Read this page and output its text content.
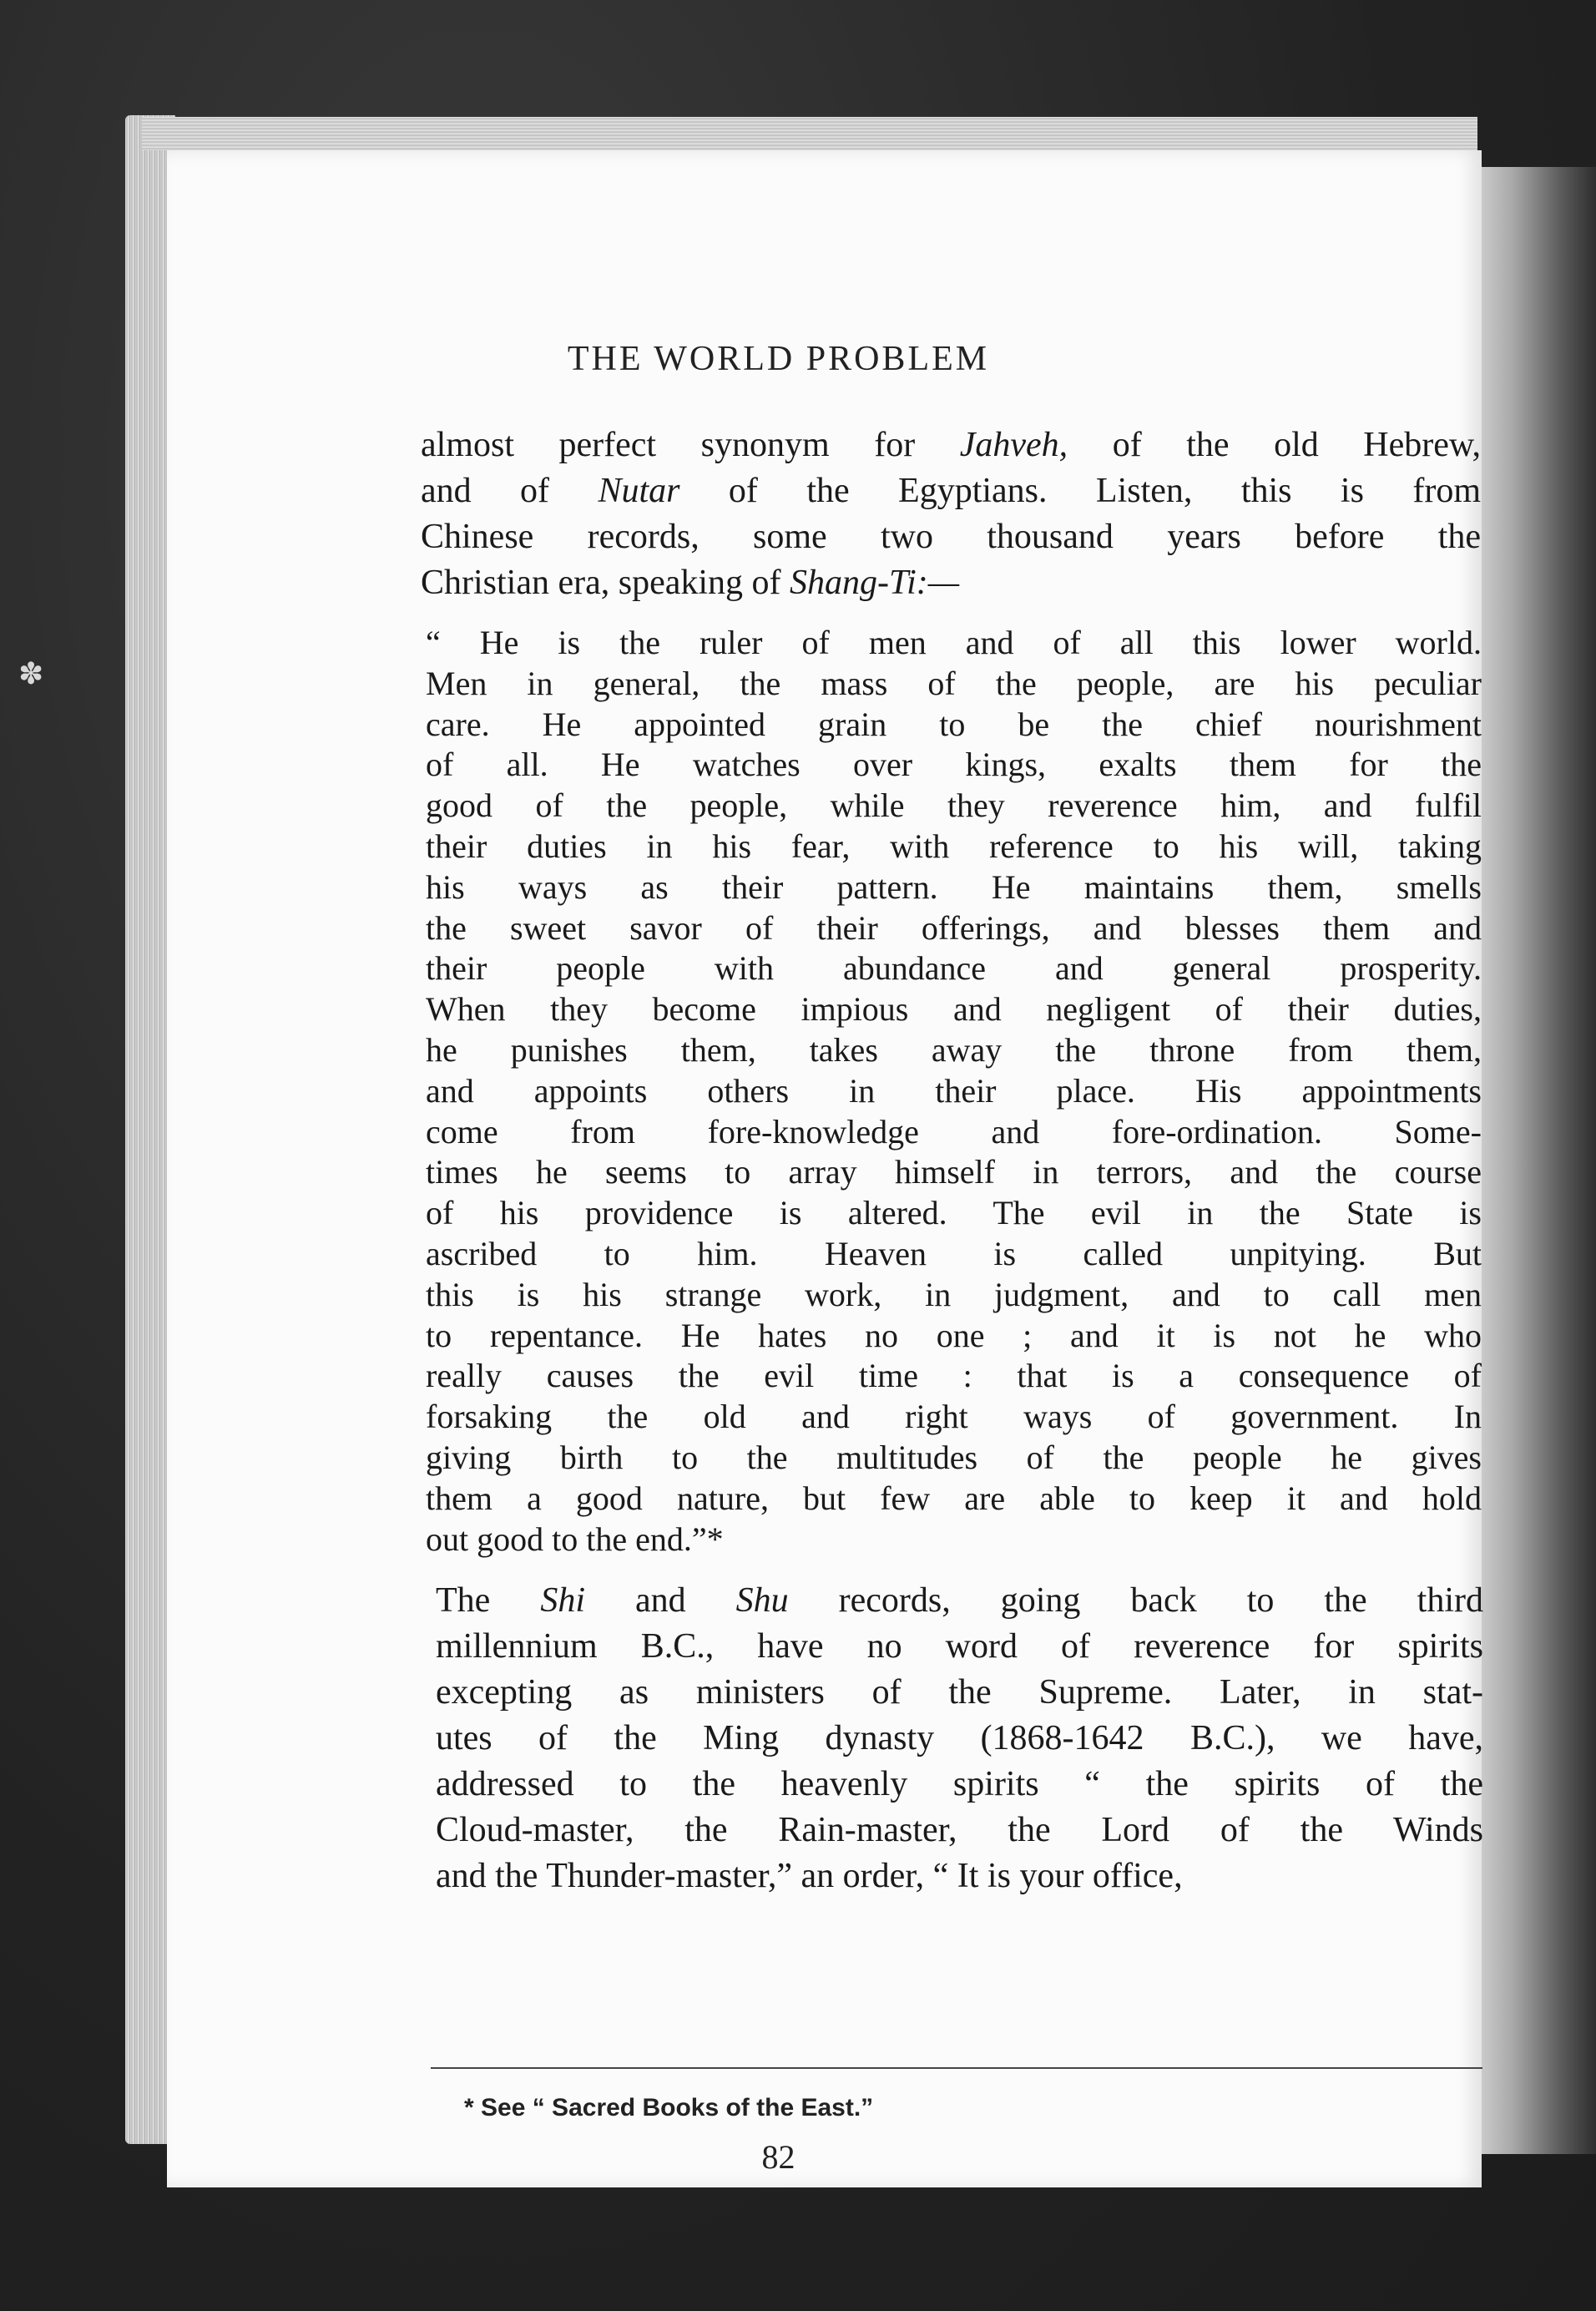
✽
THE WORLD PROBLEM
almost perfect synonym for Jahveh, of the old Hebrew,
and of Nutar of the Egyptians. Listen, this is from
Chinese records, some two thousand years before the
Christian era, speaking of Shang-Ti:—
“ He is the ruler of men and of all this lower world.
Men in general, the mass of the people, are his peculiar
care. He appointed grain to be the chief nourishment
of all. He watches over kings, exalts them for the
good of the people, while they reverence him, and fulfil
their duties in his fear, with reference to his will, taking
his ways as their pattern. He maintains them, smells
the sweet savor of their offerings, and blesses them and
their people with abundance and general prosperity.
When they become impious and negligent of their duties,
he punishes them, takes away the throne from them,
and appoints others in their place. His appointments
come from fore-knowledge and fore-ordination. Some-
times he seems to array himself in terrors, and the course
of his providence is altered. The evil in the State is
ascribed to him. Heaven is called unpitying. But
this is his strange work, in judgment, and to call men
to repentance. He hates no one ; and it is not he who
really causes the evil time : that is a consequence of
forsaking the old and right ways of government. In
giving birth to the multitudes of the people he gives
them a good nature, but few are able to keep it and hold
out good to the end.”*
The Shi and Shu records, going back to the third
millennium B.C., have no word of reverence for spirits
excepting as ministers of the Supreme. Later, in stat-
utes of the Ming dynasty (1868-1642 B.C.), we have,
addressed to the heavenly spirits “ the spirits of the
Cloud-master, the Rain-master, the Lord of the Winds
and the Thunder-master,” an order, “ It is your office,
* See “ Sacred Books of the East.”
82
